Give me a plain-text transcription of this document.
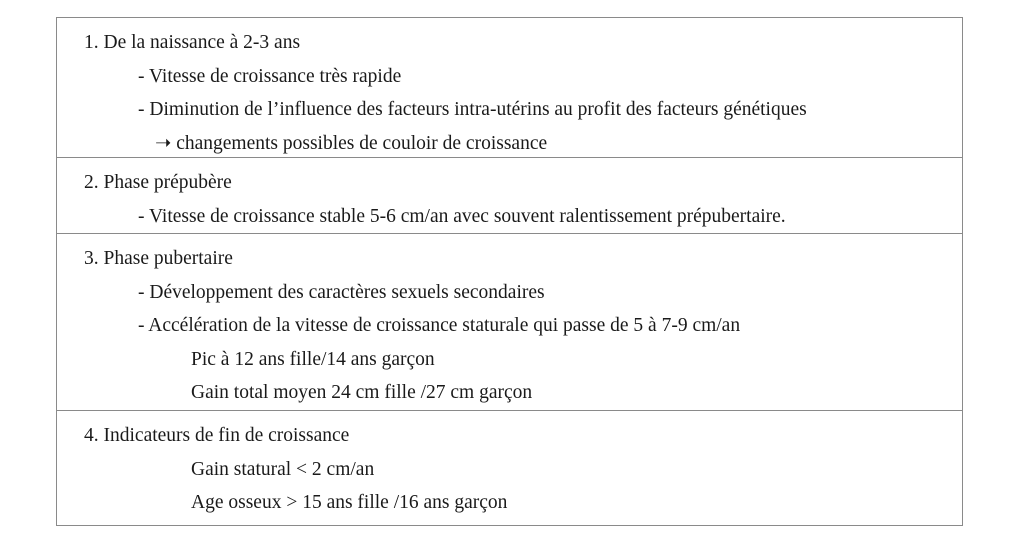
1. De la naissance à 2-3 ans
- Vitesse de croissance très rapide
- Diminution de l’influence des facteurs intra-utérins au profit des facteurs génétiques
➝ changements possibles de couloir de croissance
2. Phase prépubère
- Vitesse de croissance stable 5-6 cm/an avec souvent ralentissement prépubertaire.
3. Phase pubertaire
- Développement des caractères sexuels secondaires
- Accélération de la vitesse de croissance staturale qui passe de 5 à 7-9 cm/an
Pic à 12 ans fille/14 ans garçon
Gain total moyen 24 cm fille /27 cm garçon
4. Indicateurs de fin de croissance
Gain statural < 2 cm/an
Age osseux > 15 ans fille /16 ans garçon
